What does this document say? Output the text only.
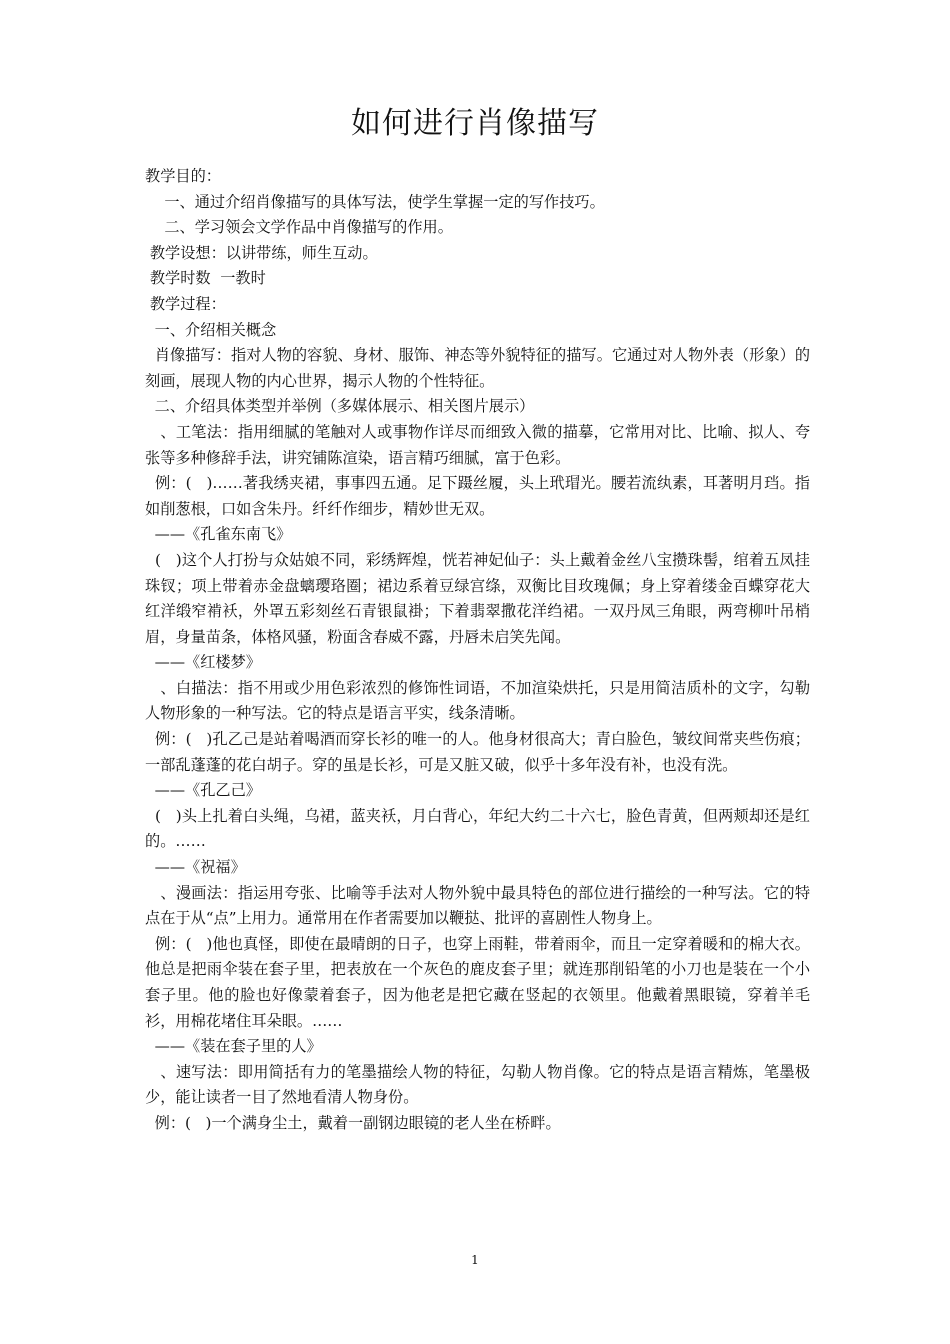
如何进行肖像描写

教学目的：

一、通过介绍肖像描写的具体写法，使学生掌握一定的写作技巧。

二、学习领会文学作品中肖像描写的作用。

教学设想：以讲带练，师生互动。

教学时数  一教时

教学过程：

一、介绍相关概念

肖像描写：指对人物的容貌、身材、服饰、神态等外貌特征的描写。它通过对人物外表（形象）的刻画，展现人物的内心世界，揭示人物的个性特征。

二、介绍具体类型并举例（多媒体展示、相关图片展示）

、工笔法：指用细腻的笔触对人或事物作详尽而细致入微的描摹，它常用对比、比喻、拟人、夸张等多种修辞手法，讲究铺陈渲染，语言精巧细腻，富于色彩。

例：(   )……著我绣夹裙，事事四五通。足下蹑丝履，头上玳瑁光。腰若流纨素，耳著明月珰。指如削葱根，口如含朱丹。纤纤作细步，精妙世无双。

——《孔雀东南飞》

(   )这个人打扮与众姑娘不同，彩绣辉煌，恍若神妃仙子：头上戴着金丝八宝攒珠髻，绾着五凤挂珠钗；项上带着赤金盘螭璎珞圈；裙边系着豆绿宫绦，双衡比目玫瑰佩；身上穿着缕金百蝶穿花大红洋缎窄褃袄，外罩五彩刻丝石青银鼠褂；下着翡翠撒花洋绉裙。一双丹凤三角眼，两弯柳叶吊梢眉，身量苗条，体格风骚，粉面含春威不露，丹唇未启笑先闻。

——《红楼梦》

、白描法：指不用或少用色彩浓烈的修饰性词语，不加渲染烘托，只是用简洁质朴的文字，勾勒人物形象的一种写法。它的特点是语言平实，线条清晰。

例：(   )孔乙己是站着喝酒而穿长衫的唯一的人。他身材很高大；青白脸色，皱纹间常夹些伤痕；一部乱蓬蓬的花白胡子。穿的虽是长衫，可是又脏又破，似乎十多年没有补，也没有洗。

——《孔乙己》

(   )头上扎着白头绳，乌裙，蓝夹袄，月白背心，年纪大约二十六七，脸色青黄，但两颊却还是红的。……

——《祝福》

、漫画法：指运用夸张、比喻等手法对人物外貌中最具特色的部位进行描绘的一种写法。它的特点在于从“点”上用力。通常用在作者需要加以鞭挞、批评的喜剧性人物身上。

例：(   )他也真怪，即使在最晴朗的日子，也穿上雨鞋，带着雨伞，而且一定穿着暖和的棉大衣。他总是把雨伞装在套子里，把表放在一个灰色的鹿皮套子里；就连那削铅笔的小刀也是装在一个小套子里。他的脸也好像蒙着套子，因为他老是把它藏在竖起的衣领里。他戴着黑眼镜，穿着羊毛衫，用棉花堵住耳朵眼。……

——《装在套子里的人》

、速写法：即用简括有力的笔墨描绘人物的特征，勾勒人物肖像。它的特点是语言精炼，笔墨极少，能让读者一目了然地看清人物身份。

例：(   )一个满身尘土，戴着一副钢边眼镜的老人坐在桥畔。

1
